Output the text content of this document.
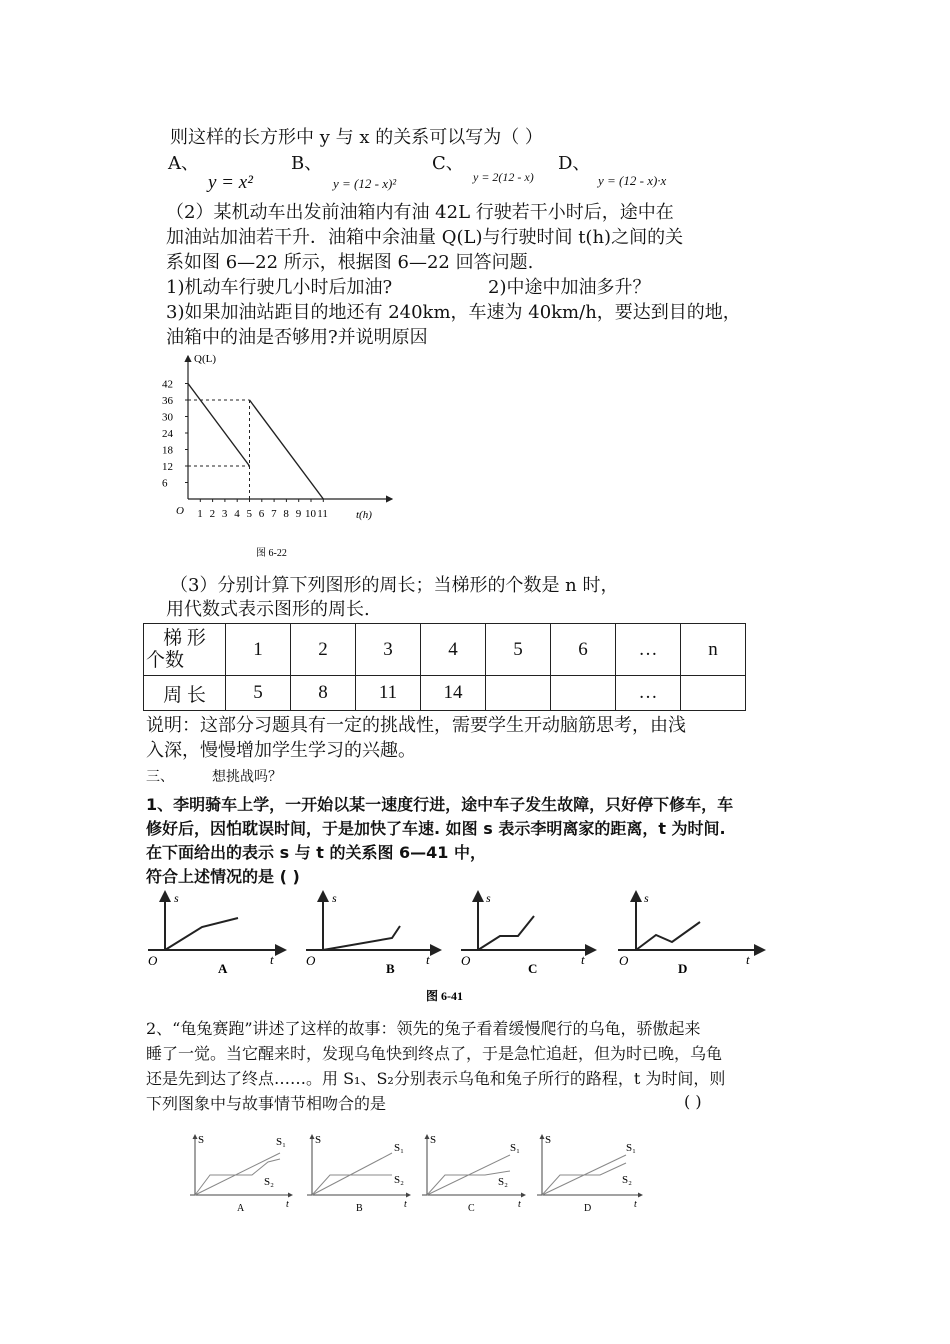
则这样的长方形中 y 与 x 的关系可以写为（ ）
A、	B、	C、	D、
y = x²	y = (12 - x)²	y = 2(12 - x)	y = (12 - x)·x
（2）某机动车出发前油箱内有油 42L 行驶若干小时后，途中在
加油站加油若干升．油箱中余油量 Q(L)与行驶时间 t(h)之间的关
系如图 6—22 所示，根据图 6—22 回答问题.
1)机动车行驶几小时后加油?	2)中途中加油多升？
3)如果加油站距目的地还有 240km，车速为 40km/h，要达到目的地，
油箱中的油是否够用?并说明原因
Q(L)
t(h)
O
42
36
30
24
18
12
6
1 2 3 4 5 6 7 8 9 10 11
图 6-22
（3）分别计算下列图形的周长；当梯形的个数是 n 时，
用代数式表示图形的周长.
梯 形
个数	1	2	3	4	5	6	…	n
周 长	5	8	11	14			…	
说明：这部分习题具有一定的挑战性，需要学生开动脑筋思考，由浅
入深，慢慢增加学生学习的兴趣。
三、	想挑战吗？
1、李明骑车上学，一开始以某一速度行进，途中车子发生故障，只好停下修车，车
修好后，因怕耽误时间，于是加快了车速. 如图 s 表示李明离家的距离，t 为时间.
在下面给出的表示 s 与 t 的关系图 6—41 中，
符合上述情况的是 ( )
s
t
O
A
s
t
O
B
s
t
O
C
s
t
O
D
图 6-41
2、“龟兔赛跑”讲述了这样的故事：领先的兔子看着缓慢爬行的乌龟，骄傲起来
睡了一觉。当它醒来时，发现乌龟快到终点了，于是急忙追赶，但为时已晚，乌龟
还是先到达了终点……。用 S₁、S₂分别表示乌龟和兔子所行的路程，t 为时间，则
下列图象中与故事情节相吻合的是	( )
S	S₁
S₂
t
A
S
S₁
S₂
t
B
S
S₁
S₂
t
C
S
S₁
S₂
t
D
